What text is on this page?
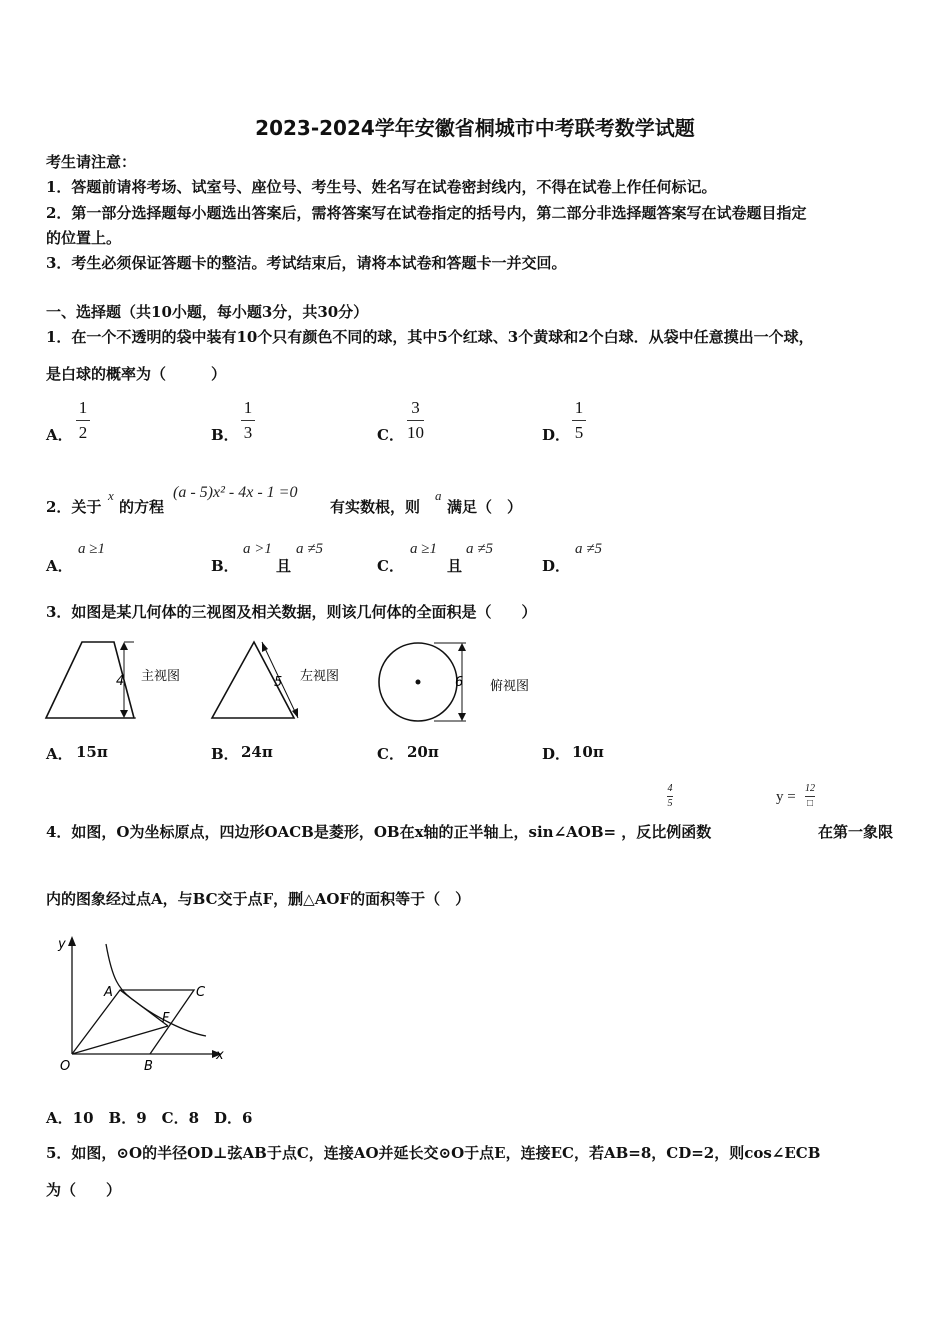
2023-2024学年安徽省桐城市中考联考数学试题
考生请注意：
1．答题前请将考场、试室号、座位号、考生号、姓名写在试卷密封线内，不得在试卷上作任何标记。
2．第一部分选择题每小题选出答案后，需将答案写在试卷指定的括号内，第二部分非选择题答案写在试卷题目指定
的位置上。
3．考生必须保证答题卡的整洁。考试结束后，请将本试卷和答题卡一并交回。
一、选择题（共10小题，每小题3分，共30分）
1．在一个不透明的袋中装有10个只有颜色不同的球，其中5个红球、3个黄球和2个白球．从袋中任意摸出一个球，
是白球的概率为（　　　）
A．
1
2	B．
1
3	C．
3
10	D．
1
5
2．关于
x
的方程
(a - 5)x² - 4x - 1 =0
有实数根，则
a
满足（　）
A．
a ≥1
B．
a >1
且
a ≠5
C．
a ≥1
且
a ≠5
D．
a ≠5
3．如图是某几何体的三视图及相关数据，则该几何体的全面积是（　　）
4 主视图	5 左视图	6 俯视图
A． 15π	B． 24π	C． 20π	D． 10π
4
5	y =
12
□
4．如图，O为坐标原点，四边形OACB是菱形，OB在x轴的正半轴上，sin∠AOB= ，反比例函数	在第一象限
内的图象经过点A，与BC交于点F，删△AOF的面积等于（　）
y
x
A	C
F
O	B
A．10　B．9　C．8　D．6
5．如图，⊙O的半径OD⊥弦AB于点C，连接AO并延长交⊙O于点E，连接EC，若AB=8，CD=2，则cos∠ECB
为（　　）
